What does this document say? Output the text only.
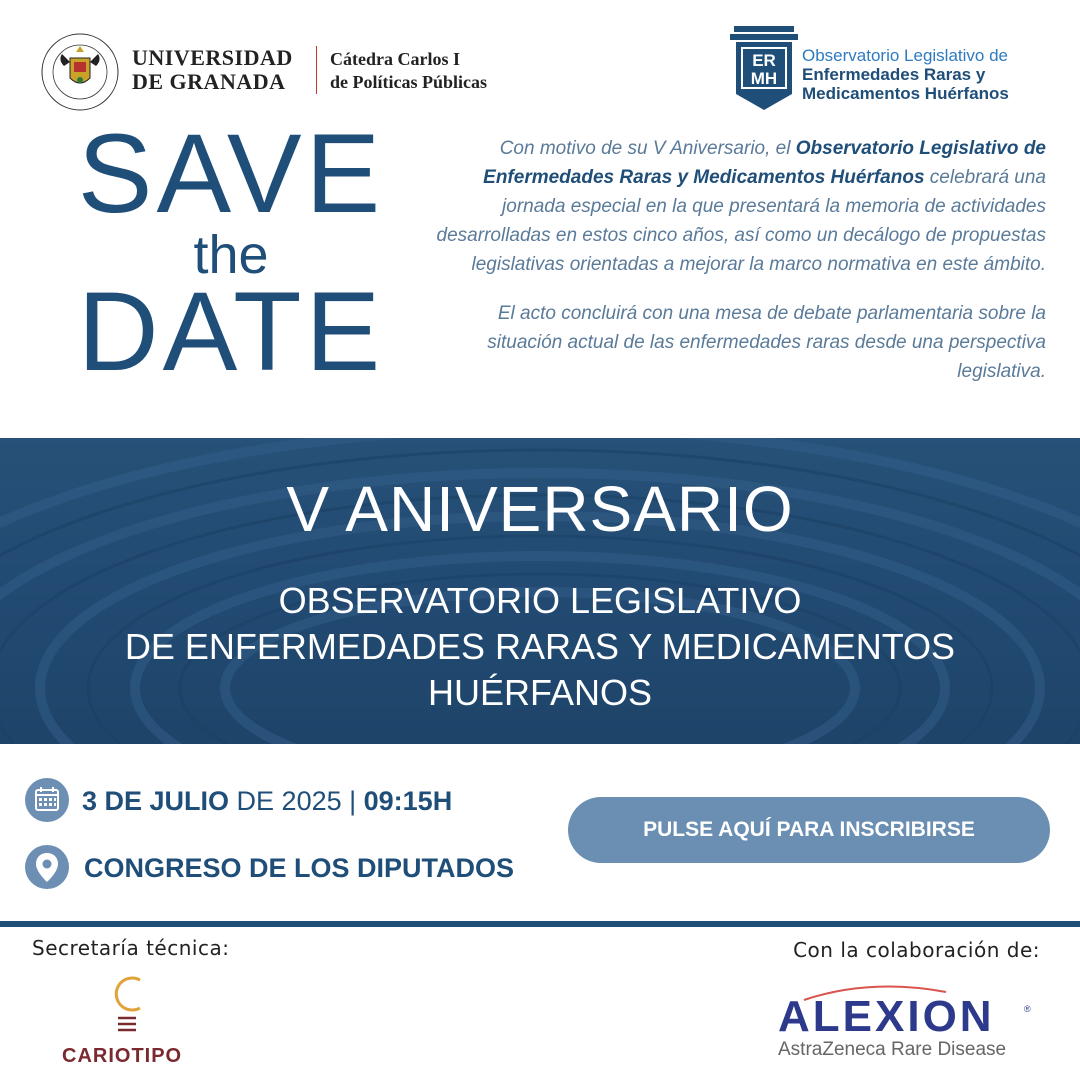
UNIVERSIDAD
DE GRANADA
Cátedra Carlos I
de Políticas Públicas
ER
MH
Observatorio Legislativo de
Enfermedades Raras y
Medicamentos Huérfanos
SAVE
the
DATE

Con motivo de su V Aniversario, el Observatorio Legislativo de Enfermedades Raras y Medicamentos Huérfanos celebrará una jornada especial en la que presentará la memoria de actividades desarrolladas en estos cinco años, así como un decálogo de propuestas legislativas orientadas a mejorar la marco normativa en este ámbito.

El acto concluirá con una mesa de debate parlamentaria sobre la situación actual de las enfermedades raras desde una perspectiva legislativa.

V ANIVERSARIO
OBSERVATORIO LEGISLATIVO
DE ENFERMEDADES RARAS Y MEDICAMENTOS
HUÉRFANOS
3 DE JULIO DE 2025 | 09:15H
CONGRESO DE LOS DIPUTADOS
PULSE AQUÍ PARA INSCRIBIRSE
Secretaría técnica:	Con la colaboración de:
CARIOTIPO
ALEXION	®
AstraZeneca Rare Disease
